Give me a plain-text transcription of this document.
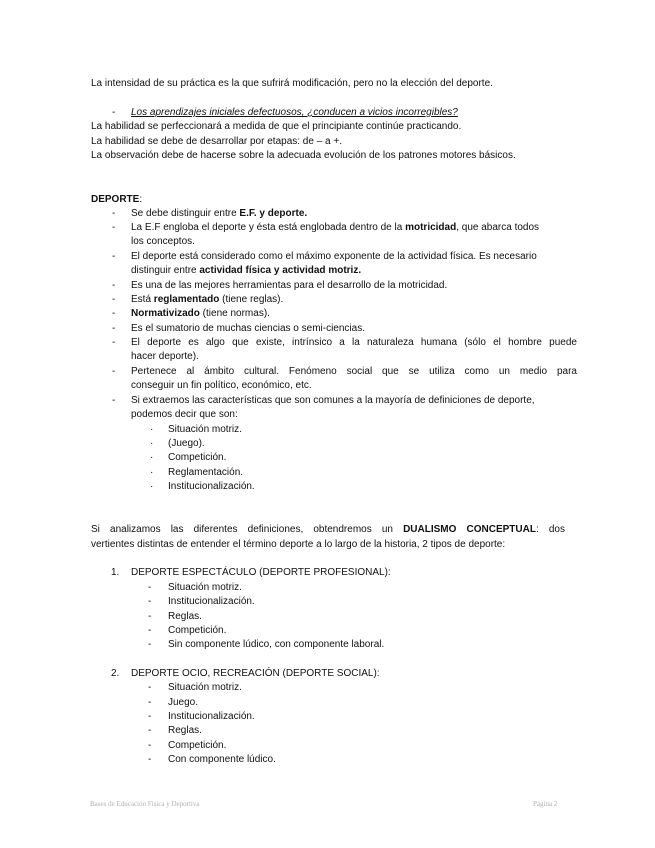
La intensidad de su práctica es la que sufrirá modificación, pero no la elección del deporte.
-	Los aprendizajes iniciales defectuosos, ¿conducen a vicios incorregibles?
La habilidad se perfeccionará a medida de que el principiante continúe practicando.
La habilidad se debe de desarrollar por etapas: de – a +.
La observación debe de hacerse sobre la adecuada evolución de los patrones motores básicos.
DEPORTE:
-	Se debe distinguir entre E.F. y deporte.
-	La E.F engloba el deporte y ésta está englobada dentro de la motricidad, que abarca todos
los conceptos.
-	El deporte está considerado como el máximo exponente de la actividad física. Es necesario
distinguir entre actividad física y actividad motriz.
-	Es una de las mejores herramientas para el desarrollo de la motricidad.
-	Está reglamentado (tiene reglas).
-	Normativizado (tiene normas).
-	Es el sumatorio de muchas ciencias o semi-ciencias.
-	El deporte es algo que existe, intrínsico a la naturaleza humana (sólo el hombre puede
hacer deporte).
-	Pertenece al ámbito cultural. Fenómeno social que se utiliza como un medio para
conseguir un fin político, económico, etc.
-	Si extraemos las características que son comunes a la mayoría de definiciones de deporte,
podemos decir que son:
·	Situación motriz.
·	(Juego).
·	Competición.
·	Reglamentación.
·	Institucionalización.
Si analizamos las diferentes definiciones, obtendremos un DUALISMO CONCEPTUAL: dos
vertientes distintas de entender el término deporte a lo largo de la historia, 2 tipos de deporte:
1.	DEPORTE ESPECTÁCULO (DEPORTE PROFESIONAL):
-	Situación motriz.
-	Institucionalización.
-	Reglas.
-	Competición.
-	Sin componente lúdico, con componente laboral.
2.	DEPORTE OCIO, RECREACIÓN (DEPORTE SOCIAL):
-	Situación motriz.
-	Juego.
-	Institucionalización.
-	Reglas.
-	Competición.
-	Con componente lúdico.
Bases de Educación Física y Deportiva	Página 2
